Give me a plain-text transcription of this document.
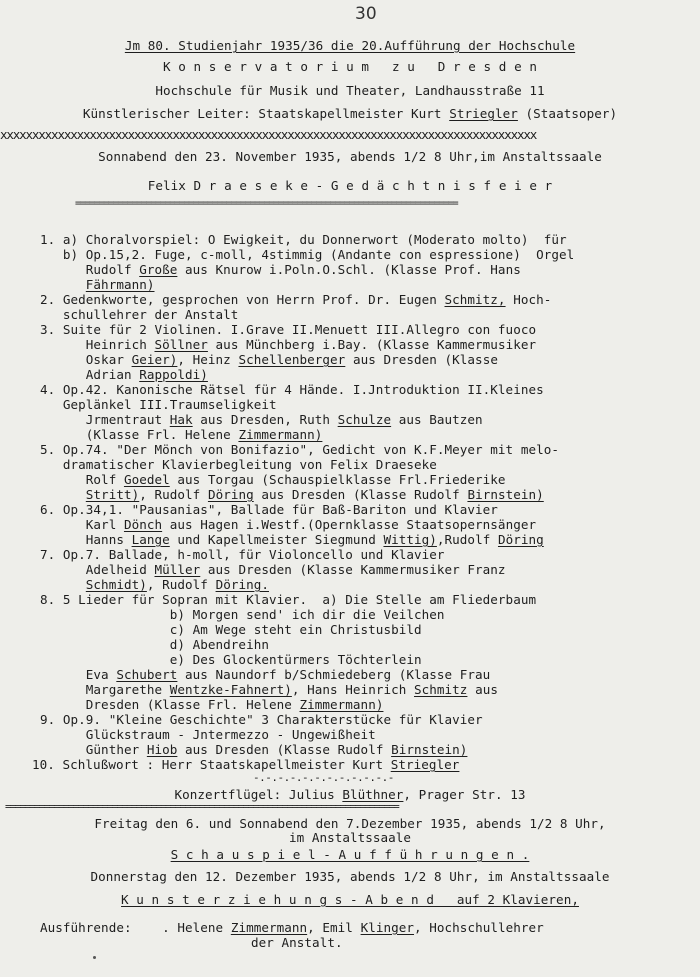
30
Jm 80. Studienjahr 1935/36 die 20.Aufführung der Hochschule
K o n s e r v a t o r i u m   z u   D r e s d e n
Hochschule für Musik und Theater, Landhausstraße 11
Künstlerischer Leiter: Staatskapellmeister Kurt Striegler (Staatsoper)
xxxxxxxxxxxxxxxxxxxxxxxxxxxxxxxxxxxxxxxxxxxxxxxxxxxxxxxxxxxxxxxxxxxxxxxxxxxxxxxxxxxx
Sonnabend den 23. November 1935, abends 1/2 8 Uhr,im Anstaltssaale
Felix D r a e s e k e - G e d ä c h t n i s f e i e r
=================================================================================
1. a) Choralvorspiel: O Ewigkeit, du Donnerwort (Moderato molto)  für
b) Op.15,2. Fuge, c-moll, 4stimmig (Andante con espressione)  Orgel
Rudolf Große aus Knurow i.Poln.O.Schl. (Klasse Prof. Hans
Fährmann)
2. Gedenkworte, gesprochen von Herrn Prof. Dr. Eugen Schmitz, Hoch-
schullehrer der Anstalt
3. Suite für 2 Violinen. I.Grave II.Menuett III.Allegro con fuoco
Heinrich Söllner aus Münchberg i.Bay. (Klasse Kammermusiker
Oskar Geier), Heinz Schellenberger aus Dresden (Klasse
Adrian Rappoldi)
4. Op.42. Kanonische Rätsel für 4 Hände. I.Jntroduktion II.Kleines
Geplänkel III.Traumseligkeit
Jrmentraut Hak aus Dresden, Ruth Schulze aus Bautzen
(Klasse Frl. Helene Zimmermann)
5. Op.74. "Der Mönch von Bonifazio", Gedicht von K.F.Meyer mit melo-
dramatischer Klavierbegleitung von Felix Draeseke
Rolf Goedel aus Torgau (Schauspielklasse Frl.Friederike
Stritt), Rudolf Döring aus Dresden (Klasse Rudolf Birnstein)
6. Op.34,1. "Pausanias", Ballade für Baß-Bariton und Klavier
Karl Dönch aus Hagen i.Westf.(Opernklasse Staatsopernsänger
Hanns Lange und Kapellmeister Siegmund Wittig),Rudolf Döring
7. Op.7. Ballade, h-moll, für Violoncello und Klavier
Adelheid Müller aus Dresden (Klasse Kammermusiker Franz
Schmidt), Rudolf Döring.
8. 5 Lieder für Sopran mit Klavier.  a) Die Stelle am Fliederbaum
b) Morgen send' ich dir die Veilchen
c) Am Wege steht ein Christusbild
d) Abendreihn
e) Des Glockentürmers Töchterlein
Eva Schubert aus Naundorf b/Schmiedeberg (Klasse Frau
Margarethe Wentzke-Fahnert), Hans Heinrich Schmitz aus
Dresden (Klasse Frl. Helene Zimmermann)
9. Op.9. "Kleine Geschichte" 3 Charakterstücke für Klavier
Glückstraum - Jntermezzo - Ungewißheit
Günther Hiob aus Dresden (Klasse Rudolf Birnstein)
10. Schlußwort : Herr Staatskapellmeister Kurt Striegler
-.-.-.-.-.-.-.-.-.-.-.-
Konzertflügel: Julius Blüthner, Prager Str. 13
=================================================================================
Freitag den 6. und Sonnabend den 7.Dezember 1935, abends 1/2 8 Uhr,
im Anstaltssaale
S c h a u s p i e l - A u f f ü h r u n g e n .
Donnerstag den 12. Dezember 1935, abends 1/2 8 Uhr, im Anstaltssaale
K u n s t e r z i e h u n g s - A b e n d   auf 2 Klavieren,
Ausführende:    . Helene Zimmermann, Emil Klinger, Hochschullehrer
der Anstalt.
